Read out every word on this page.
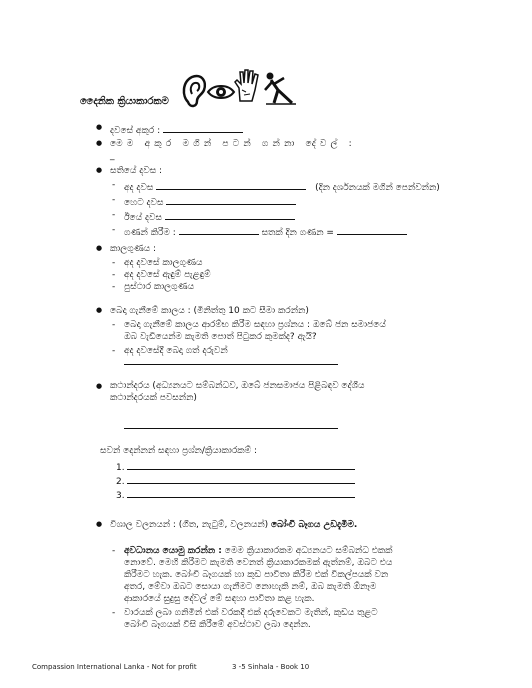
දෛනික ක්‍රියාකාරකම
● දවසේ අකුර :
● මෙම අකුර මගින් පටන් ගන්නා දේවල් :
_
● සතියේ දවස :
- අද දවස	(දින දර්ශනයක් මගින් පෙන්වන්න)
- හෙට දවස
- ඊයේ දවස
- ගණන් කිරීම :	සතක් දින ගණන =
● කාලගුණය :
- අද දවසේ කාලගුණය
- අද දවසේ ඇඳුම් පැළඳුම්
- පුස්ථාර කාලගුණය
● බෙදා ගැනීමේ කාලය : (මිනිත්තු 10 කට සීමා කරන්න)
- බෙදා ගැනීමේ කාලය ආරම්භ කිරීම සඳහා ප්‍රශ්නය : ඔබේ ජන සමාජයේ
ඔබ වැඩියෙන්ම කැමති පොත් පිටුකර කුමක්ද? ඇයි?
- අද දවසේදී බෙදා ගත් දරුවන්
● කථාන්දරය (අධ්‍යනයට සම්බන්ධව, ඔබේ ජනසමාජය පිළිබඳව දේශීය කථාන්දරයක් පවසන්න)
සවන් දෙන්නන් සඳහා ප්‍රශ්න/ක්‍රියාකාරකම් :
1.
2.
3.
● විශාල වලනයන් : (ගීත, නැටුම්, වලනයන්) බෝංචි බෑගය උඩදැමීම.
- අවධානය යොමු කරන්න : මෙම ක්‍රියාකාරකම අධ්‍යනයට සම්බන්ධ එකක්
නොවේ. මෙහි කිරීමට කැමති වෙනත් ක්‍රියාකාරකමක් ඇත්නම්, ඔබට එය
කිරීමට හැක. බෝංචි බෑගයක් හා කුඩ පාවිතා කිරීම එක් විකල්පයක් වන
අතර, මේවා ඔබට සොයා ගැනීමට නොහැකි නම්, ඔබ කැමති ඕනෑම
ආකාරයේ සුදුසු දේවල් මේ සඳහා පාවිතා කළ හැක.
- වාරයක් ලබා ගනිමින් එක් වරකදී එක් දරුවෙකට මැතින්, කුඩය තුළට
බෝංචි බෑගයක් විසි කිරීමේ අවස්ථාව ලබා දෙන්න.
Compassion International Lanka - Not for profit	3 -5 Sinhala - Book 10
